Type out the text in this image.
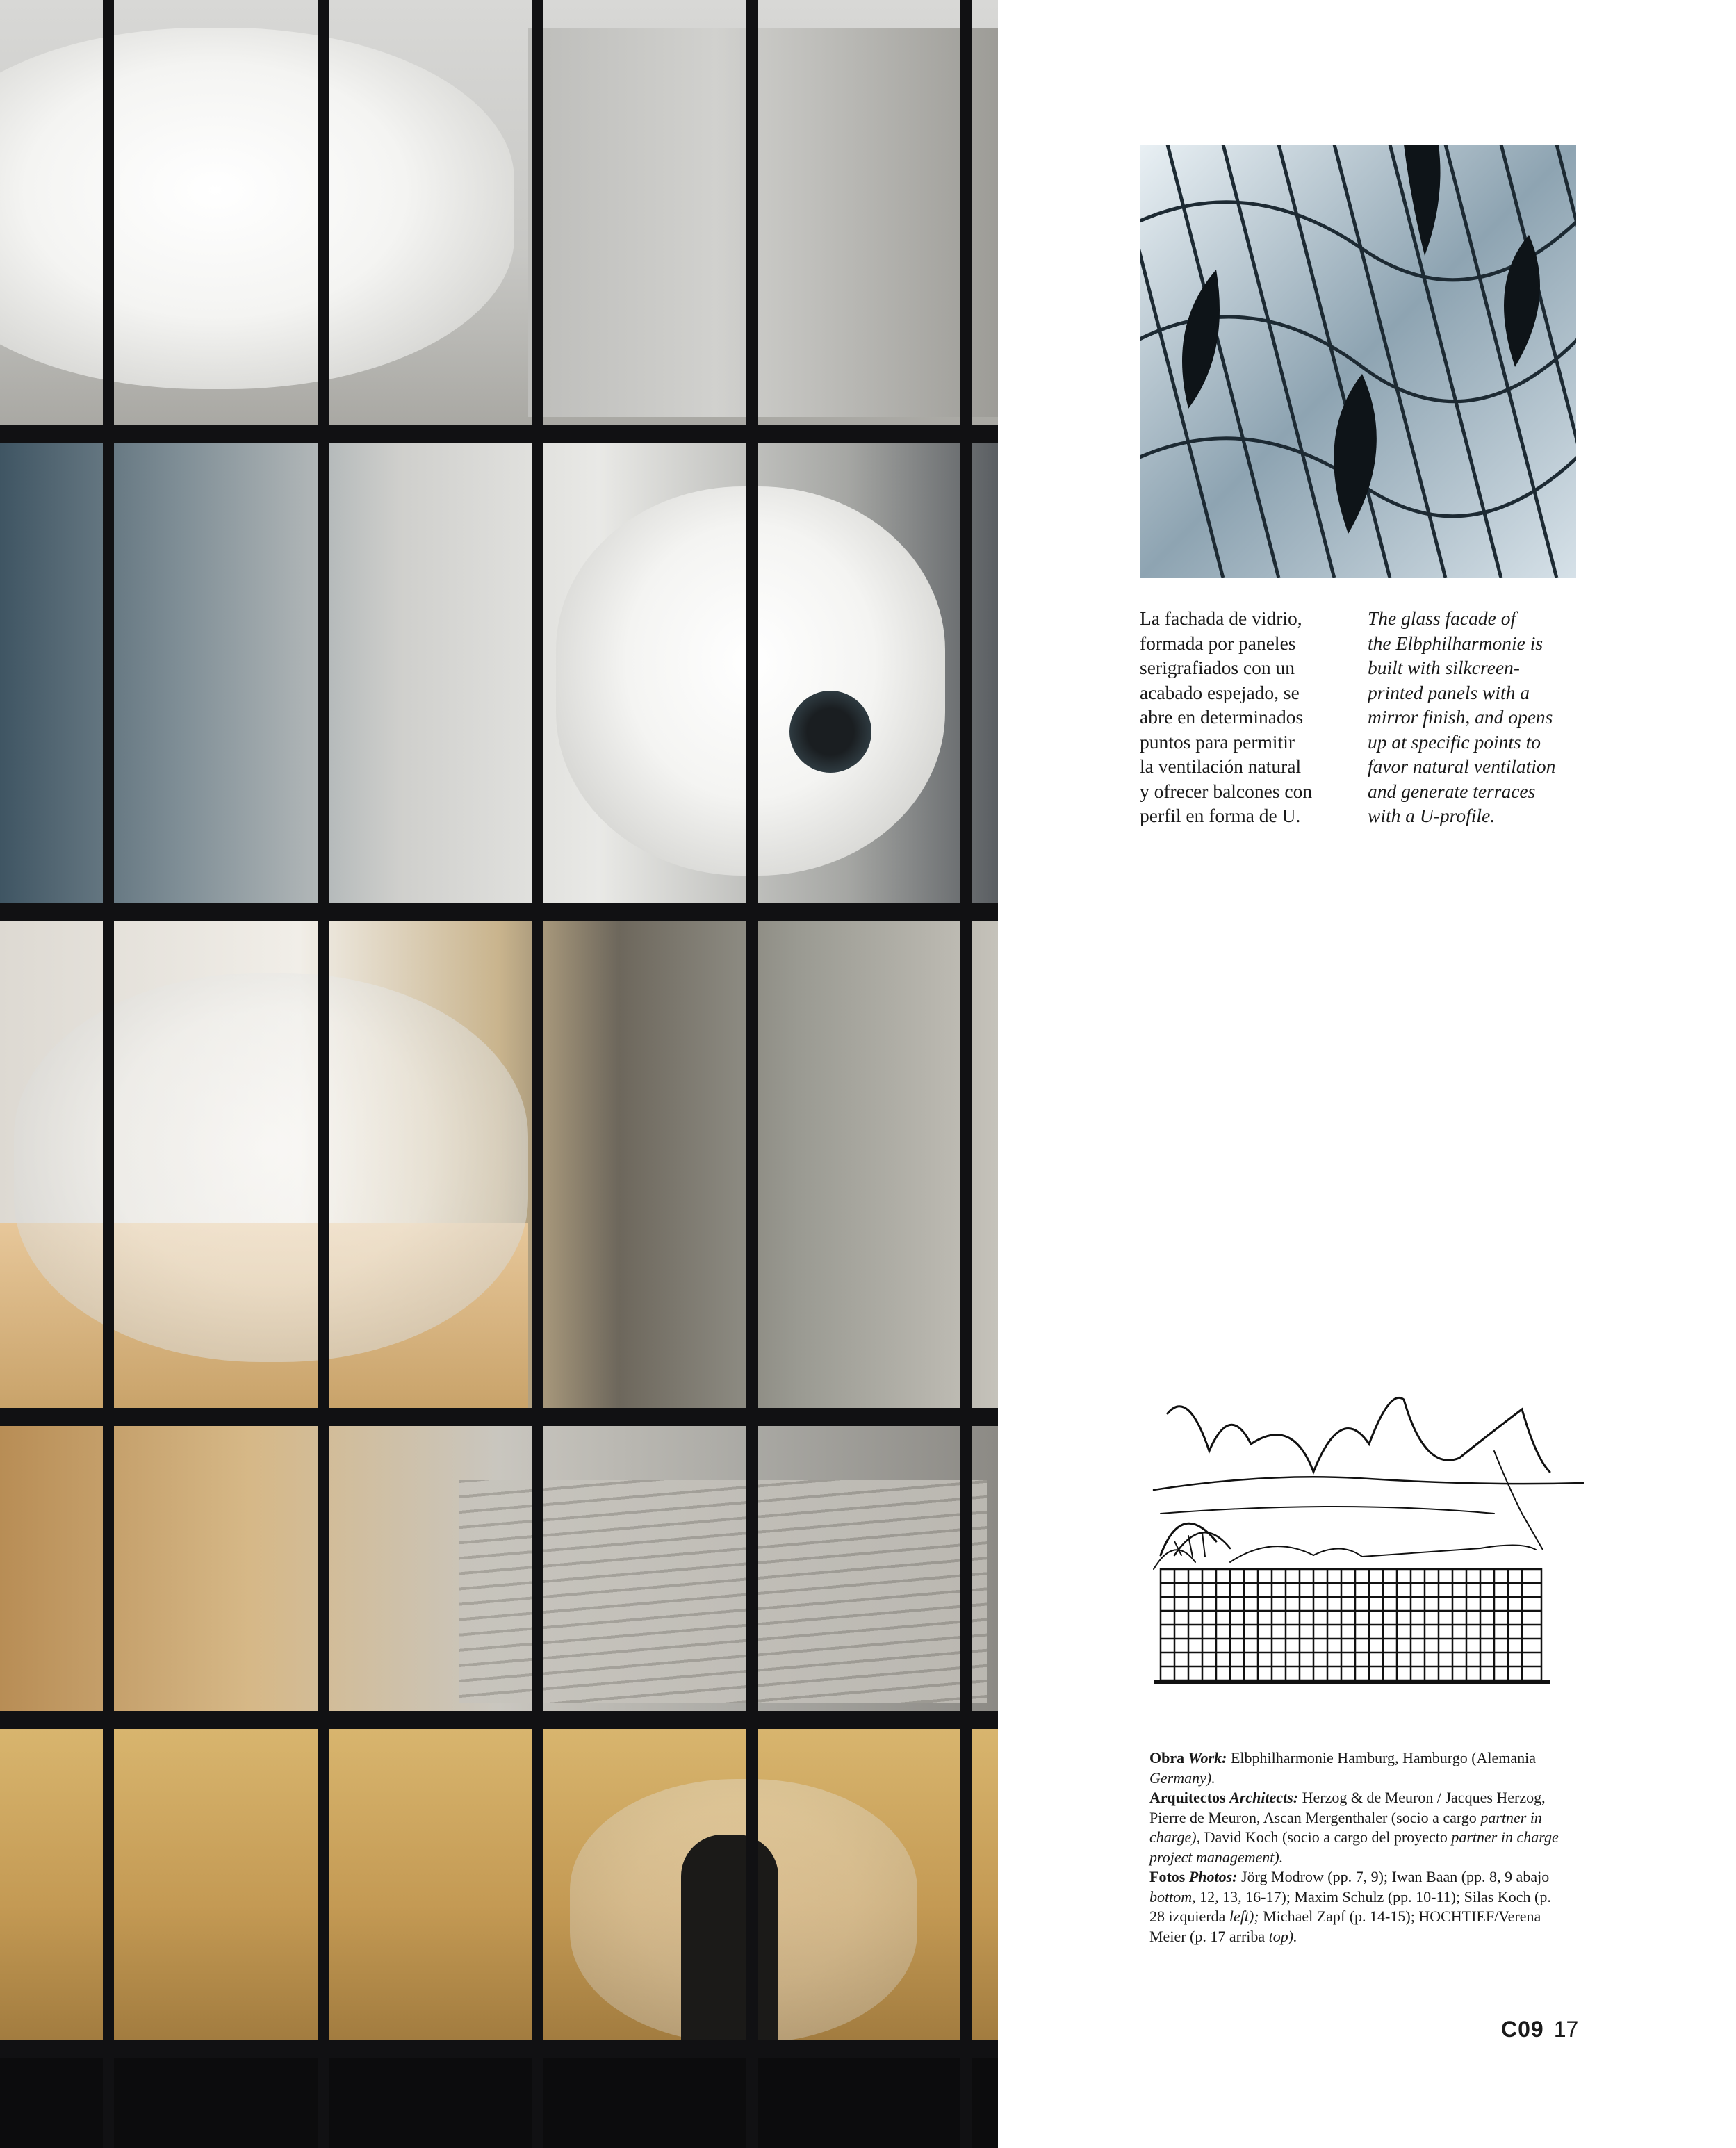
La fachada de vidrio,
formada por paneles
serigrafiados con un
acabado espejado, se
abre en determinados
puntos para permitir
la ventilación natural
y ofrecer balcones con
perfil en forma de U.

The glass facade of
the Elbphilharmonie is
built with silkcreen-
printed panels with a
mirror finish, and opens
up at specific points to
favor natural ventilation
and generate terraces
with a U-profile.

Obra Work: Elbphilharmonie Hamburg, Hamburgo (Alemania Germany).
Arquitectos Architects: Herzog & de Meuron / Jacques Herzog, Pierre de Meuron, Ascan Mergenthaler (socio a cargo partner in charge), David Koch (socio a cargo del proyecto partner in charge project management).
Fotos Photos: Jörg Modrow (pp. 7, 9); Iwan Baan (pp. 8, 9 abajo bottom, 12, 13, 16-17); Maxim Schulz (pp. 10-11); Silas Koch (p. 28 izquierda left); Michael Zapf (p. 14-15); HOCHTIEF/Verena Meier (p. 17 arriba top).

C09 17
